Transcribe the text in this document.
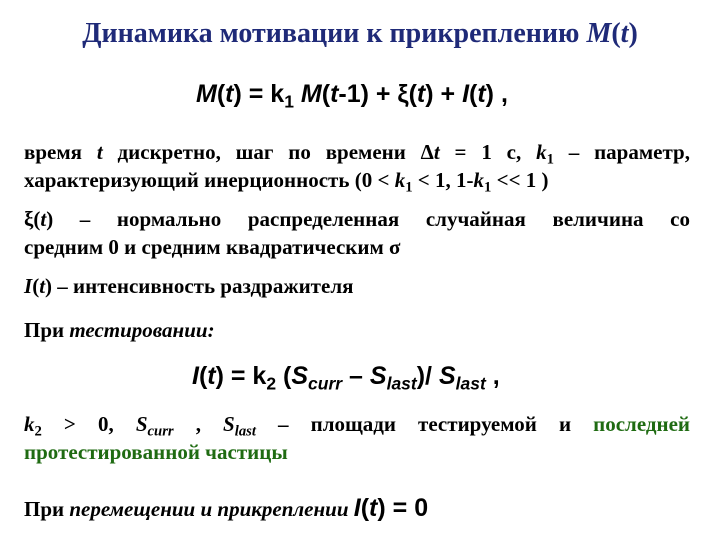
Динамика мотивации к прикреплению M(t)
$M(t) = k_1$ M(t-1) + ξ(t) + I(t) ,
время t дискретно, шаг по времени Δt = 1 с, $k_1$ – параметр,
характеризующий инерционность ($0 < k_1 < 1$, $1-k_1 << 1$ )
ξ(t) – нормально распределенная случайная величина со
средним 0 и средним квадратическим σ
I(t) – интенсивность раздражителя
При тестировании:
$I(t) = k_2$ $(S_{curr} - S_{last})/$ $S_{last}$ ,
$k_2 > 0$, $S_{curr}$ , $S_{last}$ – площади тестируемой и последней
протестированной частицы
При перемещении и прикреплении I(t) = 0
